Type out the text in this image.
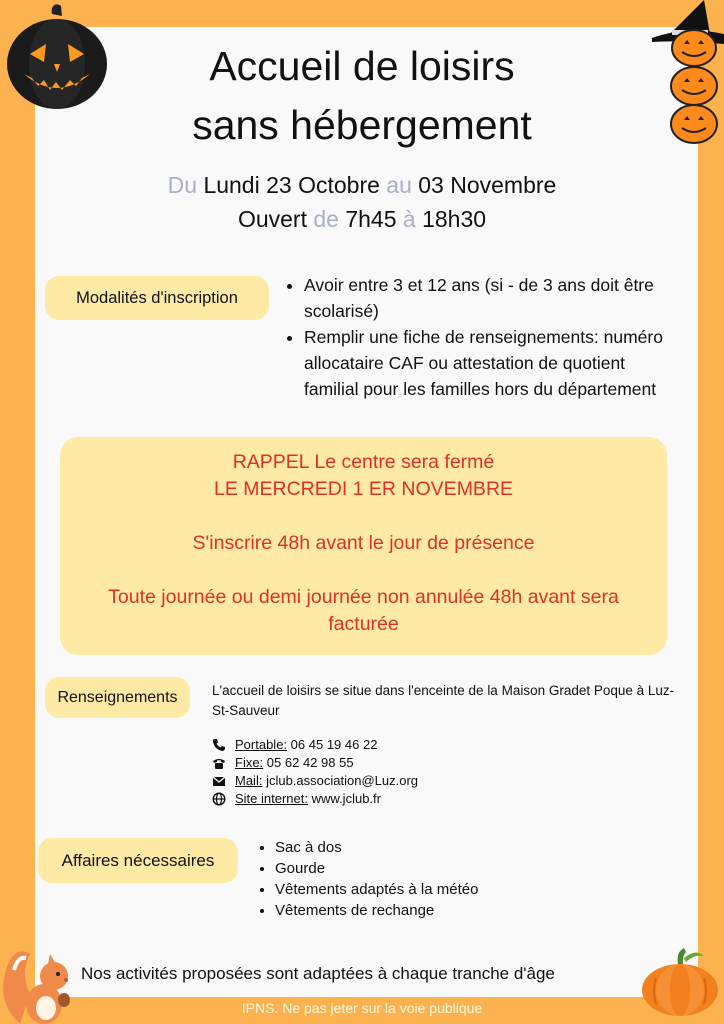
Accueil de loisirs
sans hébergement
Du Lundi 23 Octobre au 03 Novembre
Ouvert de 7h45 à 18h30
Modalités d'inscription
• Avoir entre 3 et 12 ans (si - de 3 ans doit être scolarisé)
• Remplir une fiche de renseignements: numéro allocataire CAF ou attestation de quotient familial pour les familles hors du département
RAPPEL Le centre sera fermé
LE MERCREDI 1 ER NOVEMBRE
S'inscrire 48h avant le jour de présence
Toute journée ou demi journée non annulée 48h avant sera facturée
Renseignements	L'accueil de loisirs se situe dans l'enceinte de la Maison Gradet Poque à Luz-St-Sauveur
Portable:
06 45 19 46 22
Fixe:
05 62 42 98 55
Mail:
jclub.association@Luz.org
Site internet:
www.jclub.fr
Affaires nécessaires
• Sac à dos
• Gourde
• Vêtements adaptés à la météo
• Vêtements de rechange
Nos activités proposées sont adaptées à chaque tranche d'âge
IPNS. Ne pas jeter sur la voie publique
